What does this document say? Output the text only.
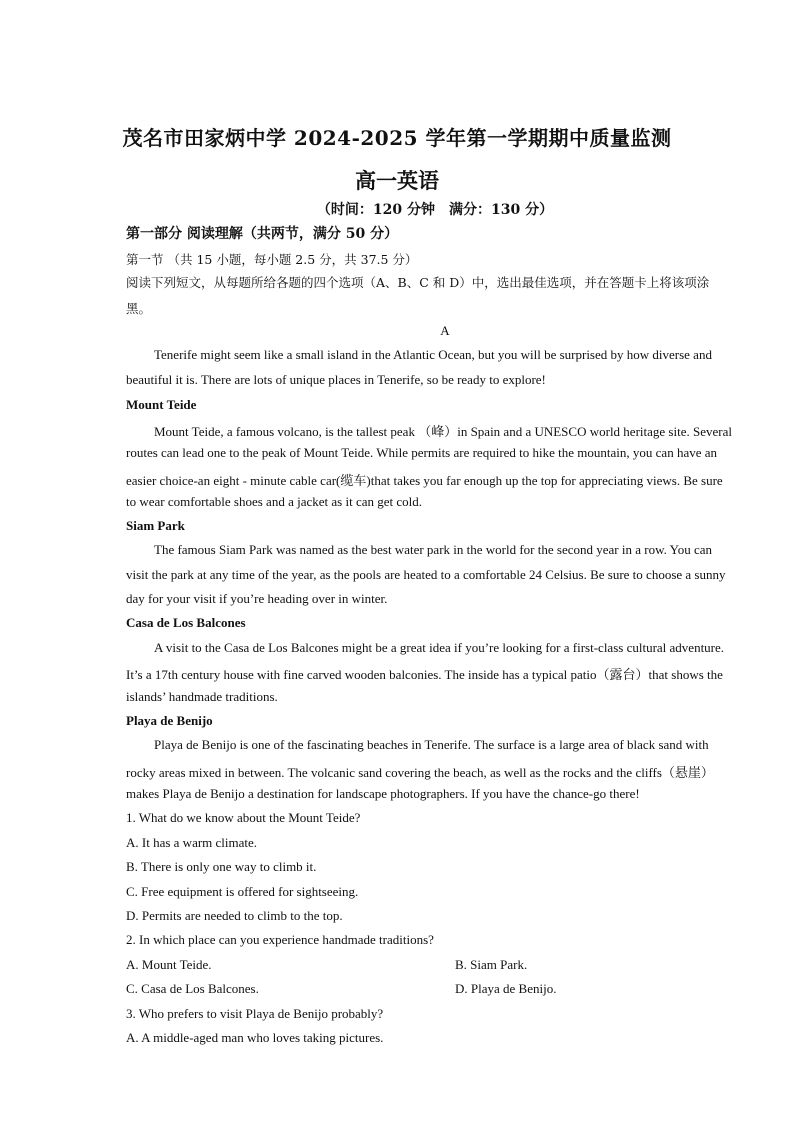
茂名市田家炳中学 2024-2025 学年第一学期期中质量监测
高一英语
（时间：120 分钟　满分：130 分）
第一部分 阅读理解（共两节，满分 50 分）
第一节 （共 15 小题，每小题 2.5 分，共 37.5 分）
阅读下列短文，从每题所给各题的四个选项（A、B、C 和 D）中，选出最佳选项，并在答题卡上将该项涂
黑。
A
Tenerife might seem like a small island in the Atlantic Ocean, but you will be surprised by how diverse and
beautiful it is. There are lots of unique places in Tenerife, so be ready to explore!
Mount Teide
Mount Teide, a famous volcano, is the tallest peak （峰）in Spain and a UNESCO world heritage site. Several
routes can lead one to the peak of Mount Teide. While permits are required to hike the mountain, you can have an
easier choice-an eight - minute cable car(缆车)that takes you far enough up the top for appreciating views. Be sure
to wear comfortable shoes and a jacket as it can get cold.
Siam Park
The famous Siam Park was named as the best water park in the world for the second year in a row. You can
visit the park at any time of the year, as the pools are heated to a comfortable 24 Celsius. Be sure to choose a sunny
day for your visit if you’re heading over in winter.
Casa de Los Balcones
A visit to the Casa de Los Balcones might be a great idea if you’re looking for a first-class cultural adventure.
It’s a 17th century house with fine carved wooden balconies. The inside has a typical patio（露台）that shows the
islands’ handmade traditions.
Playa de Benijo
Playa de Benijo is one of the fascinating beaches in Tenerife. The surface is a large area of black sand with
rocky areas mixed in between. The volcanic sand covering the beach, as well as the rocks and the cliffs（悬崖）
makes Playa de Benijo a destination for landscape photographers. If you have the chance-go there!
1. What do we know about the Mount Teide?
A. It has a warm climate.
B. There is only one way to climb it.
C. Free equipment is offered for sightseeing.
D. Permits are needed to climb to the top.
2. In which place can you experience handmade traditions?
A. Mount Teide.	B. Siam Park.
C. Casa de Los Balcones.	D. Playa de Benijo.
3. Who prefers to visit Playa de Benijo probably?
A. A middle-aged man who loves taking pictures.
